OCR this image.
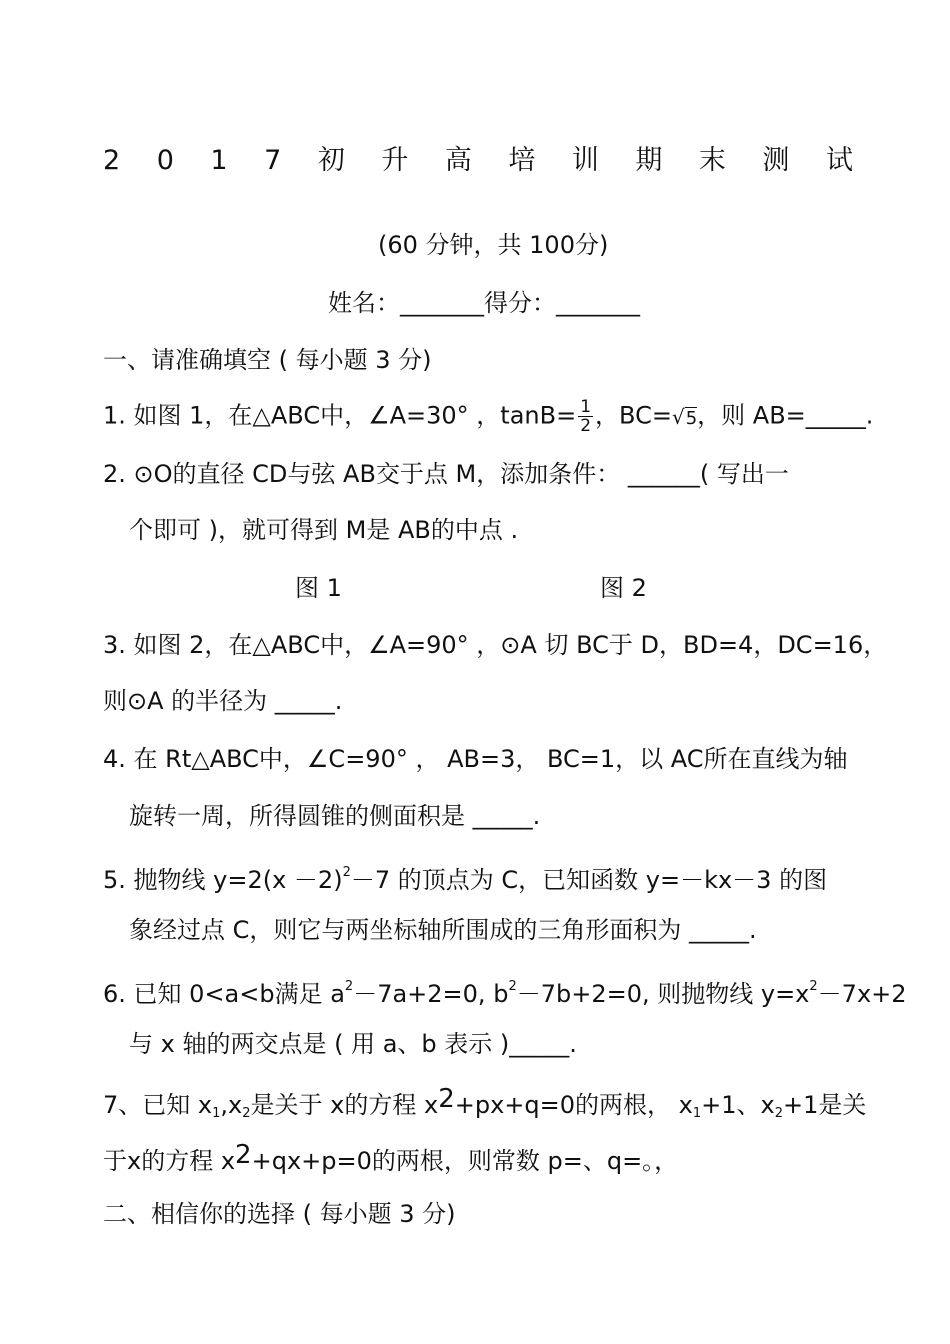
2 0 1 7 初 升 高 培 训 期 末 测 试
(60 分钟，共 100分)
姓名：_______得分：_______
一、请准确填空 ( 每小题 3 分)
1. 如图 1，在△ABC中，∠A=30° ，$\tan B= \frac{1}{2}$ ，BC=√5，则 AB=_____.
2. ⊙O的直径 CD与弦 AB交于点 M，添加条件： ______( 写出一
个即可 )，就可得到 M是 AB的中点 .
图 1	图 2
3. 如图 2，在△ABC中，∠A=90° ，⊙A 切 BC于 D，BD=4，DC=16，
则⊙A 的半径为 _____.
4. 在 Rt△ABC中，∠C=90° ， AB=3， BC=1，以 AC所在直线为轴
旋转一周，所得圆锥的侧面积是 _____.
5. 抛物线 $y=2(x -2)^2-7$ 的顶点为 C，已知函数 y=－kx－3 的图
象经过点 C，则它与两坐标轴所围成的三角形面积为 _____.
6. 已知 0<a<b满足 $a^2-7a+2=0$, $b^2-7b+2=0$, 则抛物线 $y=x^2-7x+2$
与 x 轴的两交点是 ( 用 a、b 表示 )_____.
7、已知 $x_1,x_2$是关于 x的方程 $x^2+px+q=0$的两根， $x_1+1$、$x_2+1$是关
于x的方程 $x^2+qx+p=0$的两根，则常数 p=、q=。，
二、相信你的选择 ( 每小题 3 分)
